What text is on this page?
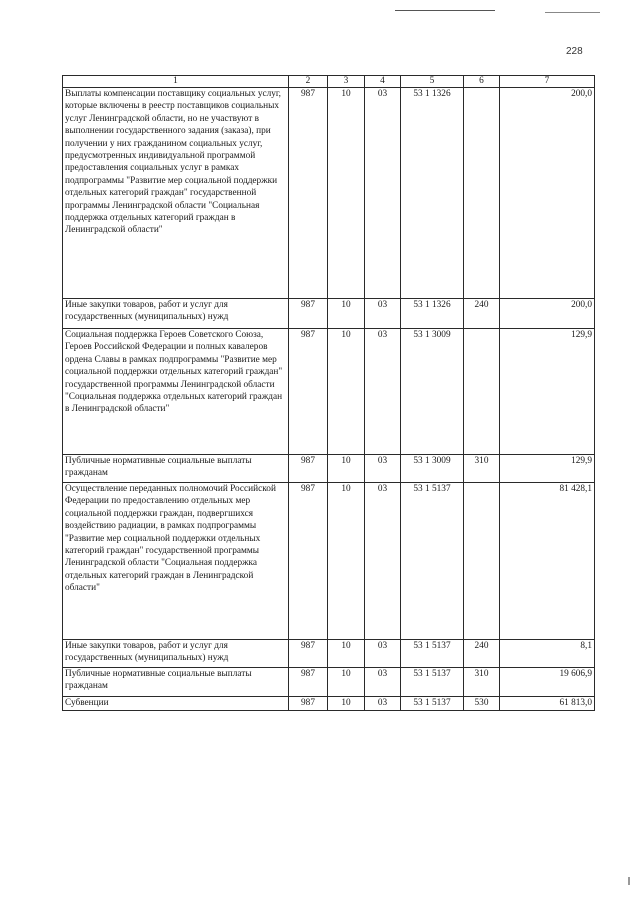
228
1	2	3	4	5	6	7
Выплаты компенсации поставщику социальных услуг, которые включены в реестр поставщиков социальных услуг Ленинградской области, но не участвуют в выполнении государственного задания (заказа), при получении у них гражданином социальных услуг, предусмотренных индивидуальной программой предоставления социальных услуг в рамках подпрограммы "Развитие мер социальной поддержки отдельных категорий граждан" государственной программы Ленинградской области "Социальная поддержка отдельных категорий граждан в Ленинградской области"	987	10	03	53 1 1326		200,0
Иные закупки товаров, работ и услуг для государственных (муниципальных) нужд	987	10	03	53 1 1326	240	200,0
Социальная поддержка Героев Советского Союза, Героев Российской Федерации и полных кавалеров ордена Славы в рамках подпрограммы "Развитие мер социальной поддержки отдельных категорий граждан" государственной программы Ленинградской области "Социальная поддержка отдельных категорий граждан в Ленинградской области"	987	10	03	53 1 3009		129,9
Публичные нормативные социальные выплаты гражданам	987	10	03	53 1 3009	310	129,9
Осуществление переданных полномочий Российской Федерации по предоставлению отдельных мер социальной поддержки граждан, подвергшихся воздействию радиации, в рамках подпрограммы "Развитие мер социальной поддержки отдельных категорий граждан" государственной программы Ленинградской области "Социальная поддержка отдельных категорий граждан в Ленинградской области"	987	10	03	53 1 5137		81 428,1
Иные закупки товаров, работ и услуг для государственных (муниципальных) нужд	987	10	03	53 1 5137	240	8,1
Публичные нормативные социальные выплаты гражданам	987	10	03	53 1 5137	310	19 606,9
Субвенции	987	10	03	53 1 5137	530	61 813,0
